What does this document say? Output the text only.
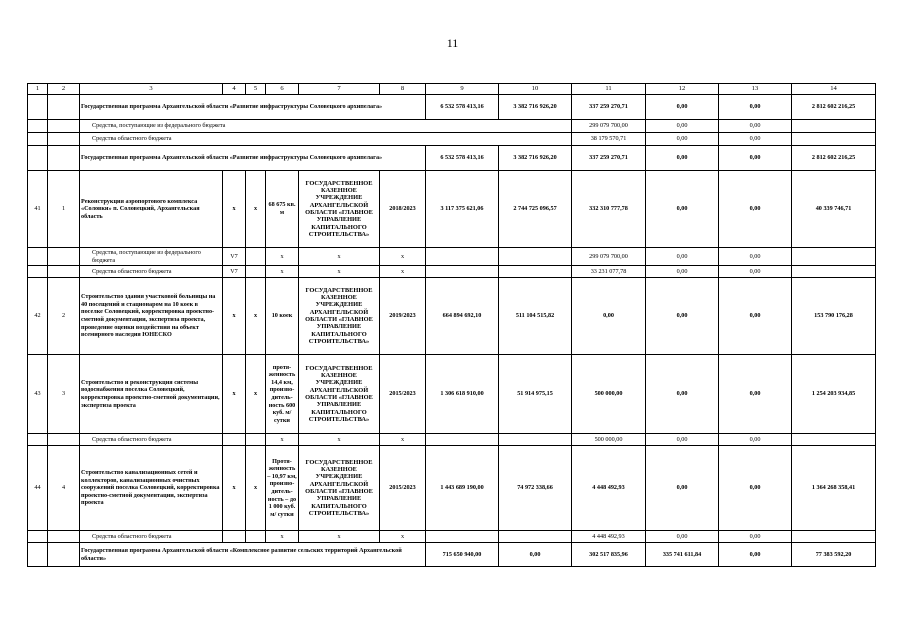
11
1	2	3	4	5	6	7	8	9	10	11	12	13	14
		Государственная программа Архангельской области «Развитие инфраструктуры Соловецкого архипелага»						6 532 578 413,16	3 382 716 926,20	337 259 270,71	0,00	0,00	2 812 602 216,25
		Средства, поступающие из федерального бюджета								299 079 700,00	0,00	0,00	
		Средства областного бюджета								38 179 570,71	0,00	0,00	
		Государственная программа Архангельской области «Развитие инфраструктуры Соловецкого архипелага»						6 532 578 413,16	3 382 716 926,20	337 259 270,71	0,00	0,00	2 812 602 216,25
41	1	Реконструкция аэропортового комплекса «Соловки» п. Соловецкий, Архангельская область	х	х	68 675 кв. м	ГОСУДАРСТВЕННОЕ КАЗЕННОЕ УЧРЕЖДЕНИЕ АРХАНГЕЛЬСКОЙ ОБЛАСТИ «ГЛАВНОЕ УПРАВЛЕНИЕ КАПИТАЛЬНОГО СТРОИТЕЛЬСТВА»	2018/2023	3 117 375 621,06	2 744 725 096,57	332 310 777,78	0,00	0,00	40 339 746,71
		Средства, поступающие из федерального бюджета	V7		х	х	х			299 079 700,00	0,00	0,00	
		Средства областного бюджета	V7		х	х	х			33 231 077,78	0,00	0,00	
42	2	Строительство здания участковой больницы на 40 посещений и стационаром на 10 коек в поселке Соловецкий, корректировка проектно-сметной документации, экспертиза проекта, проведение оценки воздействия на объект всемирного наследия ЮНЕСКО	х	х	10 коек	ГОСУДАРСТВЕННОЕ КАЗЕННОЕ УЧРЕЖДЕНИЕ АРХАНГЕЛЬСКОЙ ОБЛАСТИ «ГЛАВНОЕ УПРАВЛЕНИЕ КАПИТАЛЬНОГО СТРОИТЕЛЬСТВА»	2019/2023	664 894 692,10	511 104 515,82	0,00	0,00	0,00	153 790 176,28
43	3	Строительство и реконструкция системы водоснабжения поселка Соловецкий, корректировка проектно-сметной документации, экспертиза проекта	х	х	протя-женность 14,4 км, произво-дитель-ность 600 куб. м/сутки	ГОСУДАРСТВЕННОЕ КАЗЕННОЕ УЧРЕЖДЕНИЕ АРХАНГЕЛЬСКОЙ ОБЛАСТИ «ГЛАВНОЕ УПРАВЛЕНИЕ КАПИТАЛЬНОГО СТРОИТЕЛЬСТВА»	2015/2023	1 306 618 910,00	51 914 975,15	500 000,00	0,00	0,00	1 254 203 934,85
		Средства областного бюджета			х	х	х			500 000,00	0,00	0,00	
44	4	Строительство канализационных сетей и коллекторов, канализационных очистных сооружений поселка Соловецкий, корректировка проектно-сметной документации, экспертиза проекта	х	х	Протя-женность – 10,97 км, произво-дитель-ность – до 1 000 куб. м/ сутки	ГОСУДАРСТВЕННОЕ КАЗЕННОЕ УЧРЕЖДЕНИЕ АРХАНГЕЛЬСКОЙ ОБЛАСТИ «ГЛАВНОЕ УПРАВЛЕНИЕ КАПИТАЛЬНОГО СТРОИТЕЛЬСТВА»	2015/2023	1 443 689 190,00	74 972 338,66	4 448 492,93	0,00	0,00	1 364 268 358,41
		Средства областного бюджета			х	х	х			4 448 492,93	0,00	0,00	
		Государственная программа Архангельской области «Комплексное развитие сельских территорий Архангельской области»						715 650 940,00	0,00	302 517 835,96	335 741 611,84	0,00	77 383 592,20
